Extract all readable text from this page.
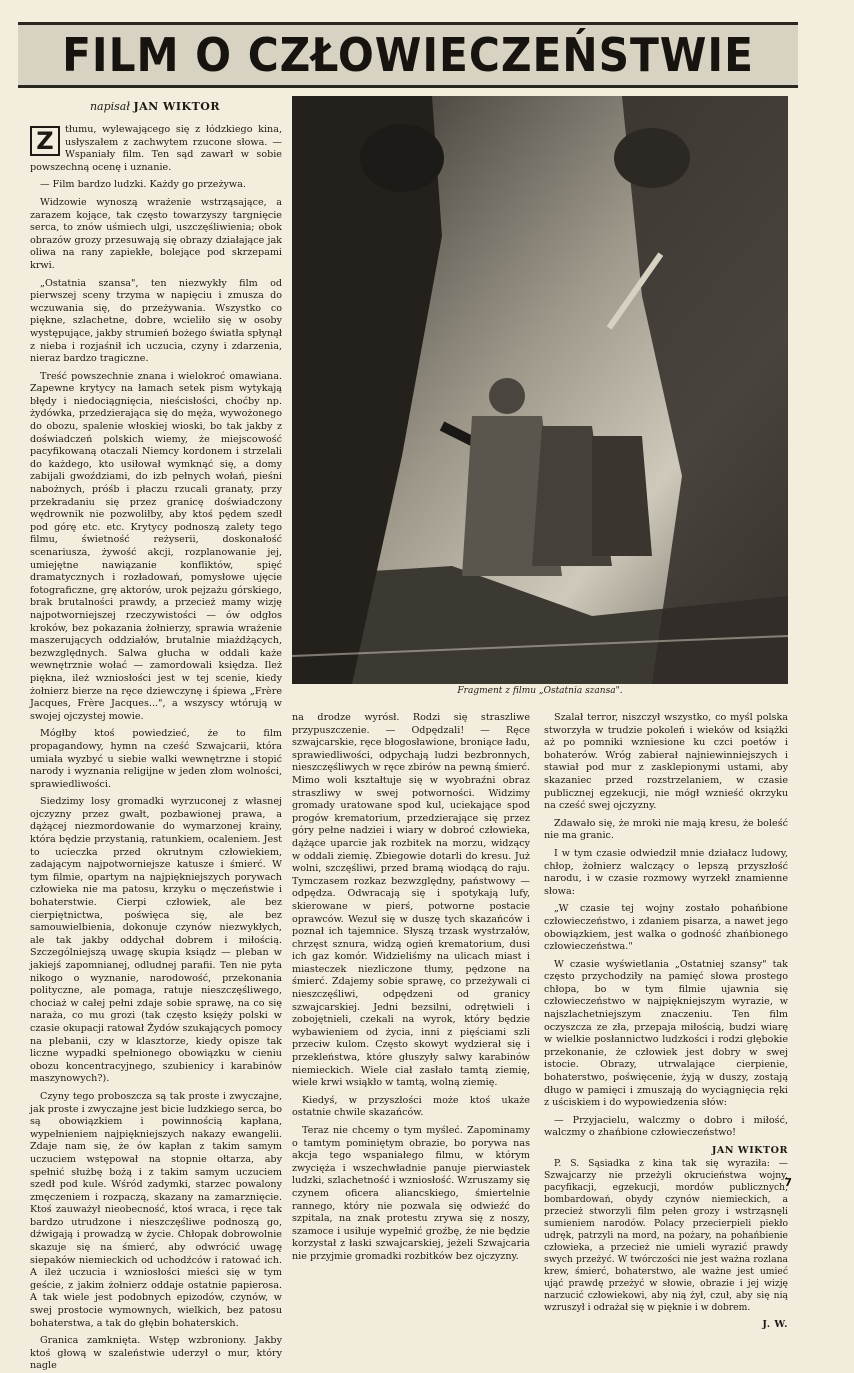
FILM O CZŁOWIECZEŃSTWIE
napisał JAN WIKTOR

Z	tłumu, wylewającego się z łódzkiego kina, usłyszałem z zachwytem rzucone słowa. — Wspaniały film. Ten sąd zawarł w sobie powszechną ocenę i uznanie.

— Film bardzo ludzki. Każdy go przeżywa.

Widzowie wynoszą wrażenie wstrząsające, a zarazem kojące, tak często towarzyszy targnięcie serca, to znów uśmiech ulgi, uszczęśliwienia; obok obrazów grozy przesuwają się obrazy działające jak oliwa na rany zapiekłe, bolejące pod skrzepami krwi.

„Ostatnia szansa", ten niezwykły film od pierwszej sceny trzyma w napięciu i zmusza do wczuwania się, do przeżywania. Wszystko co piękne, szlachetne, dobre, wcieliło się w osoby występujące, jakby strumień bożego światła spłynął z nieba i rozjaśnił ich uczucia, czyny i zdarzenia, nieraz bardzo tragiczne.

Treść powszechnie znana i wielokroć omawiana. Zapewne krytycy na łamach setek pism wytykają błędy i niedociągnięcia, nieścisłości, choćby np. żydówka, przedzierająca się do męża, wywożonego do obozu, spalenie włoskiej wioski, bo tak jakby z doświadczeń polskich wiemy, że miejscowość pacyfikowaną otaczali Niemcy kordonem i strzelali do każdego, kto usiłował wymknąć się, a domy zabijali gwoździami, do izb pełnych wołań, pieśni nabożnych, próśb i płaczu rzucali granaty, przy przekradaniu się przez granicę doświadczony wędrownik nie pozwoliłby, aby ktoś pędem szedł pod górę etc. etc. Krytycy podnoszą zalety tego filmu, świetność reżyserii, doskonałość scenariusza, żywość akcji, rozplanowanie jej, umiejętne nawiązanie konfliktów, spięć dramatycznych i rozładowań, pomysłowe ujęcie fotograficzne, grę aktorów, urok pejzażu górskiego, brak brutalności prawdy, a przecież mamy wizję najpotworniejszej rzeczywistości — ów odgłos kroków, bez pokazania żołnierzy, sprawia wrażenie maszerujących oddziałów, brutalnie miażdżących, bezwzględnych. Salwa głucha w oddali każe wewnętrznie wołać — zamordowali księdza. Ileż piękna, ileż wzniosłości jest w tej scenie, kiedy żołnierz bierze na ręce dziewczynę i śpiewa „Frère Jacques, Frère Jacques...", a wszyscy wtórują w swojej ojczystej mowie.

Mógłby ktoś powiedzieć, że to film propagandowy, hymn na cześć Szwajcarii, która umiała wyzbyć u siebie walki wewnętrzne i stopić narody i wyznania religijne w jeden złom wolności, sprawiedliwości.

Siedzimy losy gromadki wyrzuconej z własnej ojczyzny przez gwałt, pozbawionej prawa, a dążącej niezmordowanie do wymarzonej krainy, która będzie przystanią, ratunkiem, ocaleniem. Jest to ucieczka przed okrutnym człowiekiem, zadającym najpotworniejsze katusze i śmierć. W tym filmie, opartym na najpiękniejszych porywach człowieka nie ma patosu, krzyku o męczeństwie i bohaterstwie. Cierpi człowiek, ale bez cierpiętnictwa, poświęca się, ale bez samouwielbienia, dokonuje czynów niezwykłych, ale tak jakby oddychał dobrem i miłością. Szczególniejszą uwagę skupia ksiądz — pleban w jakiejś zapomnianej, odludnej parafii. Ten nie pyta nikogo o wyznanie, narodowość, przekonania polityczne, ale pomaga, ratuje nieszczęśliwego, chociaż w całej pełni zdaje sobie sprawę, na co się naraża, co mu grozi (tak często księży polski w czasie okupacji ratował Żydów szukających pomocy na plebanii, czy w klasztorze, kiedy opisze tak liczne wypadki spełnionego obowiązku w cieniu obozu koncentracyjnego, szubienicy i karabinów maszynowych?).

Czyny tego proboszcza są tak proste i zwyczajne, jak proste i zwyczajne jest bicie ludzkiego serca, bo są obowiązkiem i powinnością kapłana, wypełnieniem najpiękniejszych nakazy ewangelii. Zdaje nam się, że ów kapłan z takim samym uczuciem wstępował na stopnie ołtarza, aby spełnić służbę bożą i z takim samym uczuciem szedł pod kule. Wśród zadymki, starzec powalony zmęczeniem i rozpaczą, skazany na zamarznięcie. Ktoś zauważył nieobecność, ktoś wraca, i ręce tak bardzo utrudzone i nieszczęśliwe podnoszą go, dźwigają i prowadzą w życie. Chłopak dobrowolnie skazuje się na śmierć, aby odwrócić uwagę siepaków niemieckich od uchodźców i ratować ich. A ileż uczucia i wzniosłości mieści się w tym geście, z jakim żołnierz oddaje ostatnie papierosa. A tak wiele jest podobnych epizodów, czynów, w swej prostocie wymownych, wielkich, bez patosu bohaterstwa, a tak do głębin bohaterskich.

Granica zamknięta. Wstęp wzbroniony. Jakby ktoś głową w szaleństwie uderzył o mur, który nagle

Fragment z filmu „Ostatnia szansa".

na drodze wyrósł. Rodzi się straszliwe przypuszczenie. — Odpędzali! — Ręce szwajcarskie, ręce błogosławione, broniące ładu, sprawiedliwości, odpychają ludzi bezbronnych, nieszczęśliwych w ręce zbirów na pewną śmierć. Mimo woli kształtuje się w wyobraźni obraz straszliwy w swej potworności. Widzimy gromady uratowane spod kul, uciekające spod progów krematorium, przedzierające się przez góry pełne nadziei i wiary w dobroć człowieka, dążące uparcie jak rozbitek na morzu, widzący w oddali ziemię. Zbiegowie dotarli do kresu. Już wolni, szczęśliwi, przed bramą wiodącą do raju. Tymczasem rozkaz bezwzględny, państwowy — odpędza. Odwracają się i spotykają lufy, skierowane w pierś, potworne postacie oprawców. Wezuł się w duszę tych skazańców i poznał ich tajemnice. Słyszą trzask wystrzałów, chrzęst sznura, widzą ogień krematorium, dusi ich gaz komór. Widzieliśmy na ulicach miast i miasteczek niezliczone tłumy, pędzone na śmierć. Zdajemy sobie sprawę, co przeżywali ci nieszczęśliwi, odpędzeni od granicy szwajcarskiej. Jedni bezsilni, odrętwieli i zobojętnieli, czekali na wyrok, który będzie wybawieniem od życia, inni z pięściami szli przeciw kulom. Często skowyt wydzierał się i przekleństwa, które głuszyły salwy karabinów niemieckich. Wiele ciał zasłało tamtą ziemię, wiele krwi wsiąkło w tamtą, wolną ziemię.

Kiedyś, w przyszłości może ktoś ukaże ostatnie chwile skazańców.

Teraz nie chcemy o tym myśleć. Zapominamy o tamtym pominiętym obrazie, bo porywa nas akcja tego wspaniałego filmu, w którym zwycięża i wszechwładnie panuje pierwiastek ludzki, szlachetność i wzniosłość. Wzruszamy się czynem oficera aliancskiego, śmiertelnie rannego, który nie pozwala się odwieźć do szpitala, na znak protestu zrywa się z noszy, szamoce i usiłuje wypełnić groźbę, że nie będzie korzystał z łaski szwajcarskiej, jeżeli Szwajcaria nie przyjmie gromadki rozbitków bez ojczyzny.

Szalał terror, niszczył wszystko, co myśl polska stworzyła w trudzie pokoleń i wieków od książki aż po pomniki wzniesione ku czci poetów i bohaterów. Wróg zabierał najniewinniejszych i stawiał pod mur z zasklepionymi ustami, aby skazaniec przed rozstrzelaniem, w czasie publicznej egzekucji, nie mógł wznieść okrzyku na cześć swej ojczyzny.

Zdawało się, że mroki nie mają kresu, że boleść nie ma granic.

I w tym czasie odwiedził mnie działacz ludowy, chłop, żołnierz walczący o lepszą przyszłość narodu, i w czasie rozmowy wyrzekł znamienne słowa:

„W czasie tej wojny zostało pohańbione człowieczeństwo, i zdaniem pisarza, a nawet jego obowiązkiem, jest walka o godność zhańbionego człowieczeństwa."

W czasie wyświetlania „Ostatniej szansy" tak często przychodziły na pamięć słowa prostego chłopa, bo w tym filmie ujawnia się człowieczeństwo w najpiękniejszym wyrazie, w najszlachetniejszym znaczeniu. Ten film oczyszcza ze zła, przepaja miłością, budzi wiarę w wielkie posłannictwo ludzkości i rodzi głębokie przekonanie, że człowiek jest dobry w swej istocie. Obrazy, utrwalające cierpienie, bohaterstwo, poświęcenie, żyją w duszy, zostają długo w pamięci i zmuszają do wyciągnięcia ręki z uściskiem i do wypowiedzenia słów:

— Przyjacielu, walczmy o dobro i miłość, walczmy o zhańbione człowieczeństwo!

JAN WIKTOR

P. S. Sąsiadka z kina tak się wyraziła: — Szwajcarzy nie przeżyli okrucieństwa wojny, pacyfikacji, egzekucji, mordów publicznych, bombardowań, obydy czynów niemieckich, a przecież stworzyli film pełen grozy i wstrząsnęli sumieniem narodów. Polacy przecierpieli piekło udręk, patrzyli na mord, na pożary, na pohańbienie człowieka, a przecież nie umieli wyrazić prawdy swych przeżyć. W twórczości nie jest ważna rozlana krew, śmierć, bohaterstwo, ale ważne jest umieć ująć prawdę przeżyć w słowie, obrazie i jej wizję narzucić człowiekowi, aby nią żył, czuł, aby się nią wzruszył i odrażał się w pięknie i w dobrem.

J. W.
7
